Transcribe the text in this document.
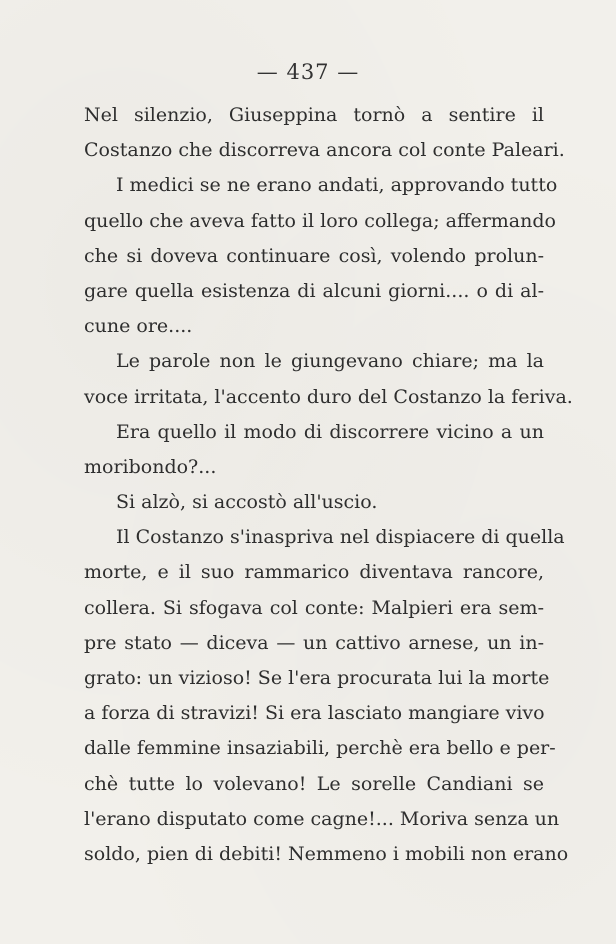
— 437 —
Nel silenzio, Giuseppina tornò a sentire il
Costanzo che discorreva ancora col conte Paleari.
I medici se ne erano andati, approvando tutto
quello che aveva fatto il loro collega; affermando
che si doveva continuare così, volendo prolun-
gare quella esistenza di alcuni giorni.... o di al-
cune ore....
Le parole non le giungevano chiare; ma la
voce irritata, l'accento duro del Costanzo la feriva.
Era quello il modo di discorrere vicino a un
moribondo?...
Si alzò, si accostò all'uscio.
Il Costanzo s'inaspriva nel dispiacere di quella
morte, e il suo rammarico diventava rancore,
collera. Si sfogava col conte: Malpieri era sem-
pre stato — diceva — un cattivo arnese, un in-
grato: un vizioso! Se l'era procurata lui la morte
a forza di stravizi! Si era lasciato mangiare vivo
dalle femmine insaziabili, perchè era bello e per-
chè tutte lo volevano! Le sorelle Candiani se
l'erano disputato come cagne!... Moriva senza un
soldo, pien di debiti! Nemmeno i mobili non erano
